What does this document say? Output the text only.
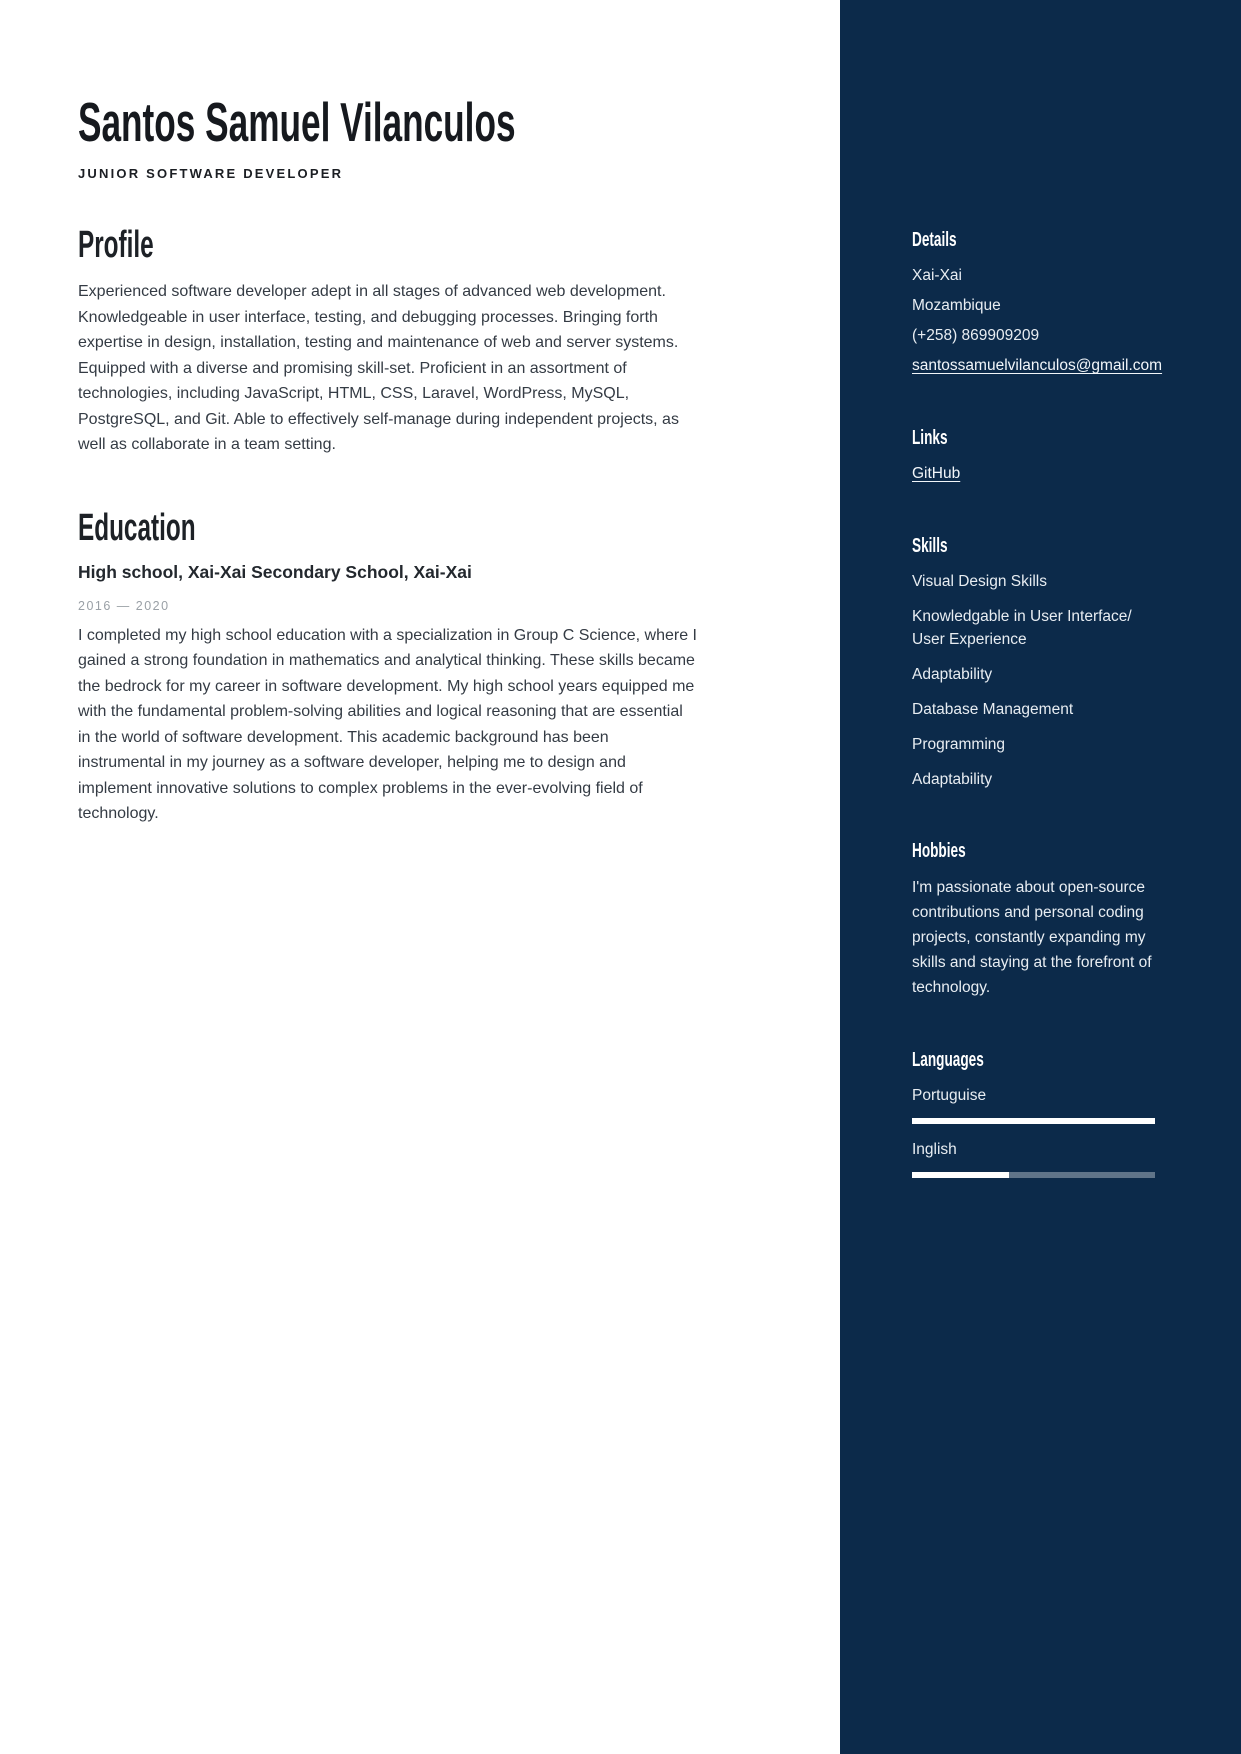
Santos Samuel Vilanculos
JUNIOR SOFTWARE DEVELOPER
Profile

Experienced software developer adept in all stages of advanced web development. Knowledgeable in user interface, testing, and debugging processes. Bringing forth expertise in design, installation, testing and maintenance of web and server systems. Equipped with a diverse and promising skill-set. Proficient in an assortment of technologies, including JavaScript, HTML, CSS, Laravel, WordPress, MySQL, PostgreSQL, and Git. Able to effectively self-manage during independent projects, as well as collaborate in a team setting.

Education
High school, Xai-Xai Secondary School, Xai-Xai
2016 — 2020

I completed my high school education with a specialization in Group C Science, where I gained a strong foundation in mathematics and analytical thinking. These skills became the bedrock for my career in software development. My high school years equipped me with the fundamental problem-solving abilities and logical reasoning that are essential in the world of software development. This academic background has been instrumental in my journey as a software developer, helping me to design and implement innovative solutions to complex problems in the ever-evolving field of technology.

Details
Xai-Xai
Mozambique
(+258) 869909209
santossamuelvilanculos@gmail.com
Links
GitHub
Skills
Visual Design Skills
Knowledgable in User Interface/ User Experience
Adaptability
Database Management
Programming
Adaptability
Hobbies

I'm passionate about open-source contributions and personal coding projects, constantly expanding my skills and staying at the forefront of technology.

Languages
Portuguise
Inglish
